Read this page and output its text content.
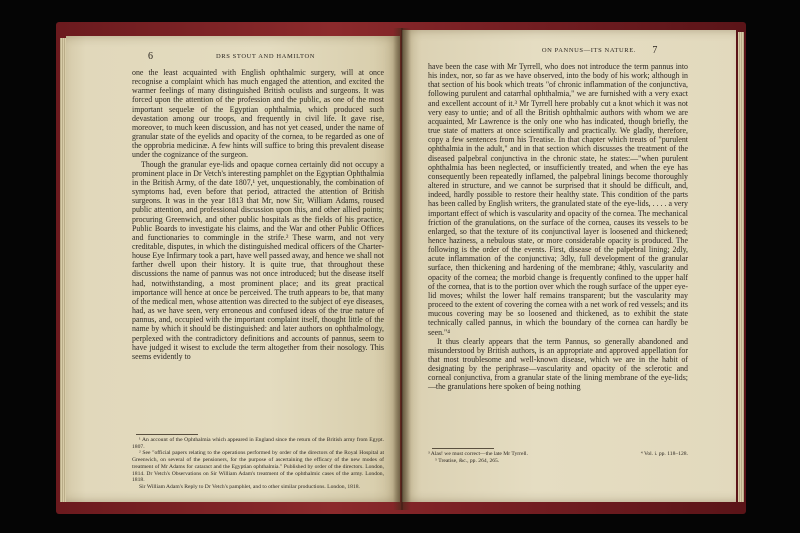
6	DRS STOUT AND HAMILTON

one the least acquainted with English ophthalmic surgery, will at once recognise a complaint which has much engaged the attention, and excited the warmer feelings of many distinguished British oculists and surgeons. It was forced upon the attention of the profession and the public, as one of the most important sequelæ of the Egyptian ophthalmia, which produced such devastation among our troops, and frequently in civil life. It gave rise, moreover, to much keen discussion, and has not yet ceased, under the name of granular state of the eyelids and opacity of the cornea, to be regarded as one of the opprobria medicinæ. A few hints will suffice to bring this prevalent disease under the cognizance of the surgeon.

Though the granular eye-lids and opaque cornea certainly did not occupy a prominent place in Dr Vetch's interesting pamphlet on the Egyptian Ophthalmia in the British Army, of the date 1807,¹ yet, unquestionably, the combination of symptoms had, even before that period, attracted the attention of British surgeons. It was in the year 1813 that Mr, now Sir, William Adams, roused public attention, and professional discussion upon this, and other allied points; procuring Greenwich, and other public hospitals as the fields of his practice, Public Boards to investigate his claims, and the War and other Public Offices and functionaries to commingle in the strife.² These warm, and not very creditable, disputes, in which the distinguished medical officers of the Charter-house Eye Infirmary took a part, have well passed away, and hence we shall not farther dwell upon their history. It is quite true, that throughout these discussions the name of pannus was not once introduced; but the disease itself had, notwithstanding, a most prominent place; and its great practical importance will hence at once be perceived. The truth appears to be, that many of the medical men, whose attention was directed to the subject of eye diseases, had, as we have seen, very erroneous and confused ideas of the true nature of pannus, and, occupied with the important complaint itself, thought little of the name by which it should be distinguished: and later authors on ophthalmology, perplexed with the contradictory definitions and accounts of pannus, seem to have judged it wisest to exclude the term altogether from their nosology. This seems evidently to

¹ An account of the Ophthalmia which appeared in England since the return of the British army from Egypt. 1807.

² See "official papers relating to the operations performed by order of the directors of the Royal Hospital at Greenwich, on several of the pensioners, for the purpose of ascertaining the efficacy of the new modes of treatment of Mr Adams for cataract and the Egyptian ophthalmia." Published by order of the directors. London, 1814. Dr Vetch's Observations on Sir William Adam's treatment of the ophthalmic cases of the army. London, 1818.

Sir William Adam's Reply to Dr Vetch's pamphlet, and to other similar productions. London, 1818.

ON PANNUS—ITS NATURE. 7

have been the case with Mr Tyrrell, who does not introduce the term pannus into his index, nor, so far as we have observed, into the body of his work; although in that section of his book which treats "of chronic inflammation of the conjunctiva, following purulent and catarrhal ophthalmia," we are furnished with a very exact and excellent account of it.³ Mr Tyrrell here probably cut a knot which it was not very easy to untie; and of all the British ophthalmic authors with whom we are acquainted, Mr Lawrence is the only one who has indicated, though briefly, the true state of matters at once scientifically and practically. We gladly, therefore, copy a few sentences from his Treatise. In that chapter which treats of "purulent ophthalmia in the adult," and in that section which discusses the treatment of the diseased palpebral conjunctiva in the chronic state, he states:—"when purulent ophthalmia has been neglected, or insufficiently treated, and when the eye has consequently been repeatedly inflamed, the palpebral linings become thoroughly altered in structure, and we cannot be surprised that it should be difficult, and, indeed, hardly possible to restore their healthy state. This condition of the parts has been called by English writers, the granulated state of the eye-lids, . . . . a very important effect of which is vascularity and opacity of the cornea. The mechanical friction of the granulations, on the surface of the cornea, causes its vessels to be enlarged, so that the texture of its conjunctival layer is loosened and thickened; hence haziness, a nebulous state, or more considerable opacity is produced. The following is the order of the events. First, disease of the palpebral lining; 2dly, acute inflammation of the conjunctiva; 3dly, full development of the granular surface, then thickening and hardening of the membrane; 4thly, vascularity and opacity of the cornea; the morbid change is frequently confined to the upper half of the cornea, that is to the portion over which the rough surface of the upper eye-lid moves; whilst the lower half remains transparent; but the vascularity may proceed to the extent of covering the cornea with a net work of red vessels; and its mucous covering may be so loosened and thickened, as to exhibit the state technically called pannus, in which the boundary of the cornea can hardly be seen."⁴

It thus clearly appears that the term Pannus, so generally abandoned and misunderstood by British authors, is an appropriate and approved appellation for that most troublesome and well-known disease, which we are in the habit of designating by the periphrase—vascularity and opacity of the sclerotic and corneal conjunctiva, from a granular state of the lining membrane of the eye-lids;—the granulations here spoken of being nothing

³ Alas! we must correct—the late Mr Tyrrell.	⁴ Vol. i. pp. 118–128.

⁵ Treatise, &c., pp. 264, 265.
